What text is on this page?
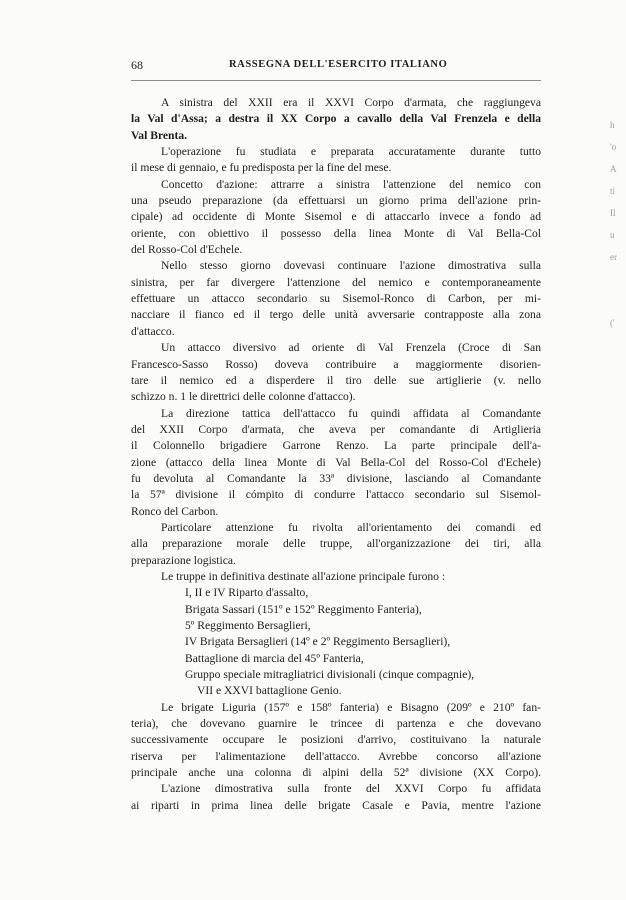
68	RASSEGNA DELL'ESERCITO ITALIANO
A sinistra del XXII era il XXVI Corpo d'armata, che raggiungeva
la Val d'Assa; a destra il XX Corpo a cavallo della Val Frenzela e della
Val Brenta.
L'operazione fu studiata e preparata accuratamente durante tutto
il mese di gennaio, e fu predisposta per la fine del mese.
Concetto d'azione: attrarre a sinistra l'attenzione del nemico con
una pseudo preparazione (da effettuarsi un giorno prima dell'azione prin-
cipale) ad occidente di Monte Sisemol e di attaccarlo invece a fondo ad
oriente, con obiettivo il possesso della linea Monte di Val Bella-Col
del Rosso-Col d'Echele.
Nello stesso giorno dovevasi continuare l'azione dimostrativa sulla
sinistra, per far divergere l'attenzione del nemico e contemporaneamente
effettuare un attacco secondario su Sisemol-Ronco di Carbon, per mi-
nacciare il fianco ed il tergo delle unità avversarie contrapposte alla zona
d'attacco.
Un attacco diversivo ad oriente di Val Frenzela (Croce di San
Francesco-Sasso Rosso) doveva contribuire a maggiormente disorien-
tare il nemico ed a disperdere il tiro delle sue artiglierie (v. nello
schizzo n. 1 le direttrici delle colonne d'attacco).
La direzione tattica dell'attacco fu quindi affidata al Comandante
del XXII Corpo d'armata, che aveva per comandante di Artiglieria
il Colonnello brigadiere Garrone Renzo. La parte principale dell'a-
zione (attacco della linea Monte di Val Bella-Col del Rosso-Col d'Echele)
fu devoluta al Comandante la 33ª divisione, lasciando al Comandante
la 57ª divisione il cómpito di condurre l'attacco secondario sul Sisemol-
Ronco del Carbon.
Particolare attenzione fu rivolta all'orientamento dei comandi ed
alla preparazione morale delle truppe, all'organizzazione dei tiri, alla
preparazione logistica.
Le truppe in definitiva destinate all'azione principale furono :
I, II e IV Riparto d'assalto,
Brigata Sassari (151º e 152º Reggimento Fanteria),
5º Reggimento Bersaglieri,
IV Brigata Bersaglieri (14º e 2º Reggimento Bersaglieri),
Battaglione di marcia del 45º Fanteria,
Gruppo speciale mitragliatrici divisionali (cinque compagnie),
VII e XXVI battaglione Genio.
Le brigate Liguria (157º e 158º fanteria) e Bisagno (209º e 210º fan-
teria), che dovevano guarnire le trincee di partenza e che dovevano
successivamente occupare le posizioni d'arrivo, costituivano la naturale
riserva per l'alimentazione dell'attacco. Avrebbe concorso all'azione
principale anche una colonna di alpini della 52ª divisione (XX Corpo).
L'azione dimostrativa sulla fronte del XXVI Corpo fu affidata
ai riparti in prima linea delle brigate Casale e Pavia, mentre l'azione
h
'o
A
ti
Il
u
er
('
